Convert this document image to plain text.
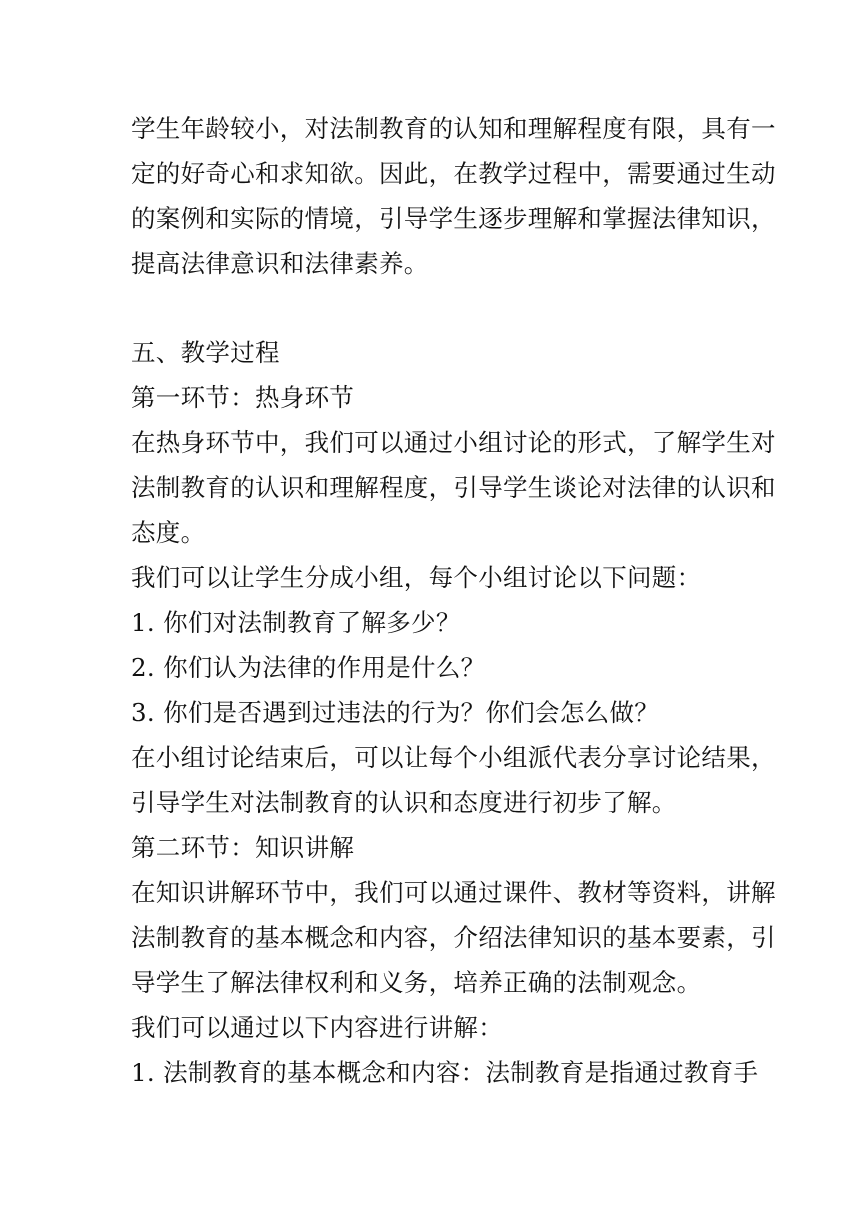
学生年龄较小，对法制教育的认知和理解程度有限，具有一
定的好奇心和求知欲。因此，在教学过程中，需要通过生动
的案例和实际的情境，引导学生逐步理解和掌握法律知识，
提高法律意识和法律素养。
五、教学过程
第一环节：热身环节
在热身环节中，我们可以通过小组讨论的形式，了解学生对
法制教育的认识和理解程度，引导学生谈论对法律的认识和
态度。
我们可以让学生分成小组，每个小组讨论以下问题：
1. 你们对法制教育了解多少？
2. 你们认为法律的作用是什么？
3. 你们是否遇到过违法的行为？你们会怎么做？
在小组讨论结束后，可以让每个小组派代表分享讨论结果，
引导学生对法制教育的认识和态度进行初步了解。
第二环节：知识讲解
在知识讲解环节中，我们可以通过课件、教材等资料，讲解
法制教育的基本概念和内容，介绍法律知识的基本要素，引
导学生了解法律权利和义务，培养正确的法制观念。
我们可以通过以下内容进行讲解：
1. 法制教育的基本概念和内容：法制教育是指通过教育手
